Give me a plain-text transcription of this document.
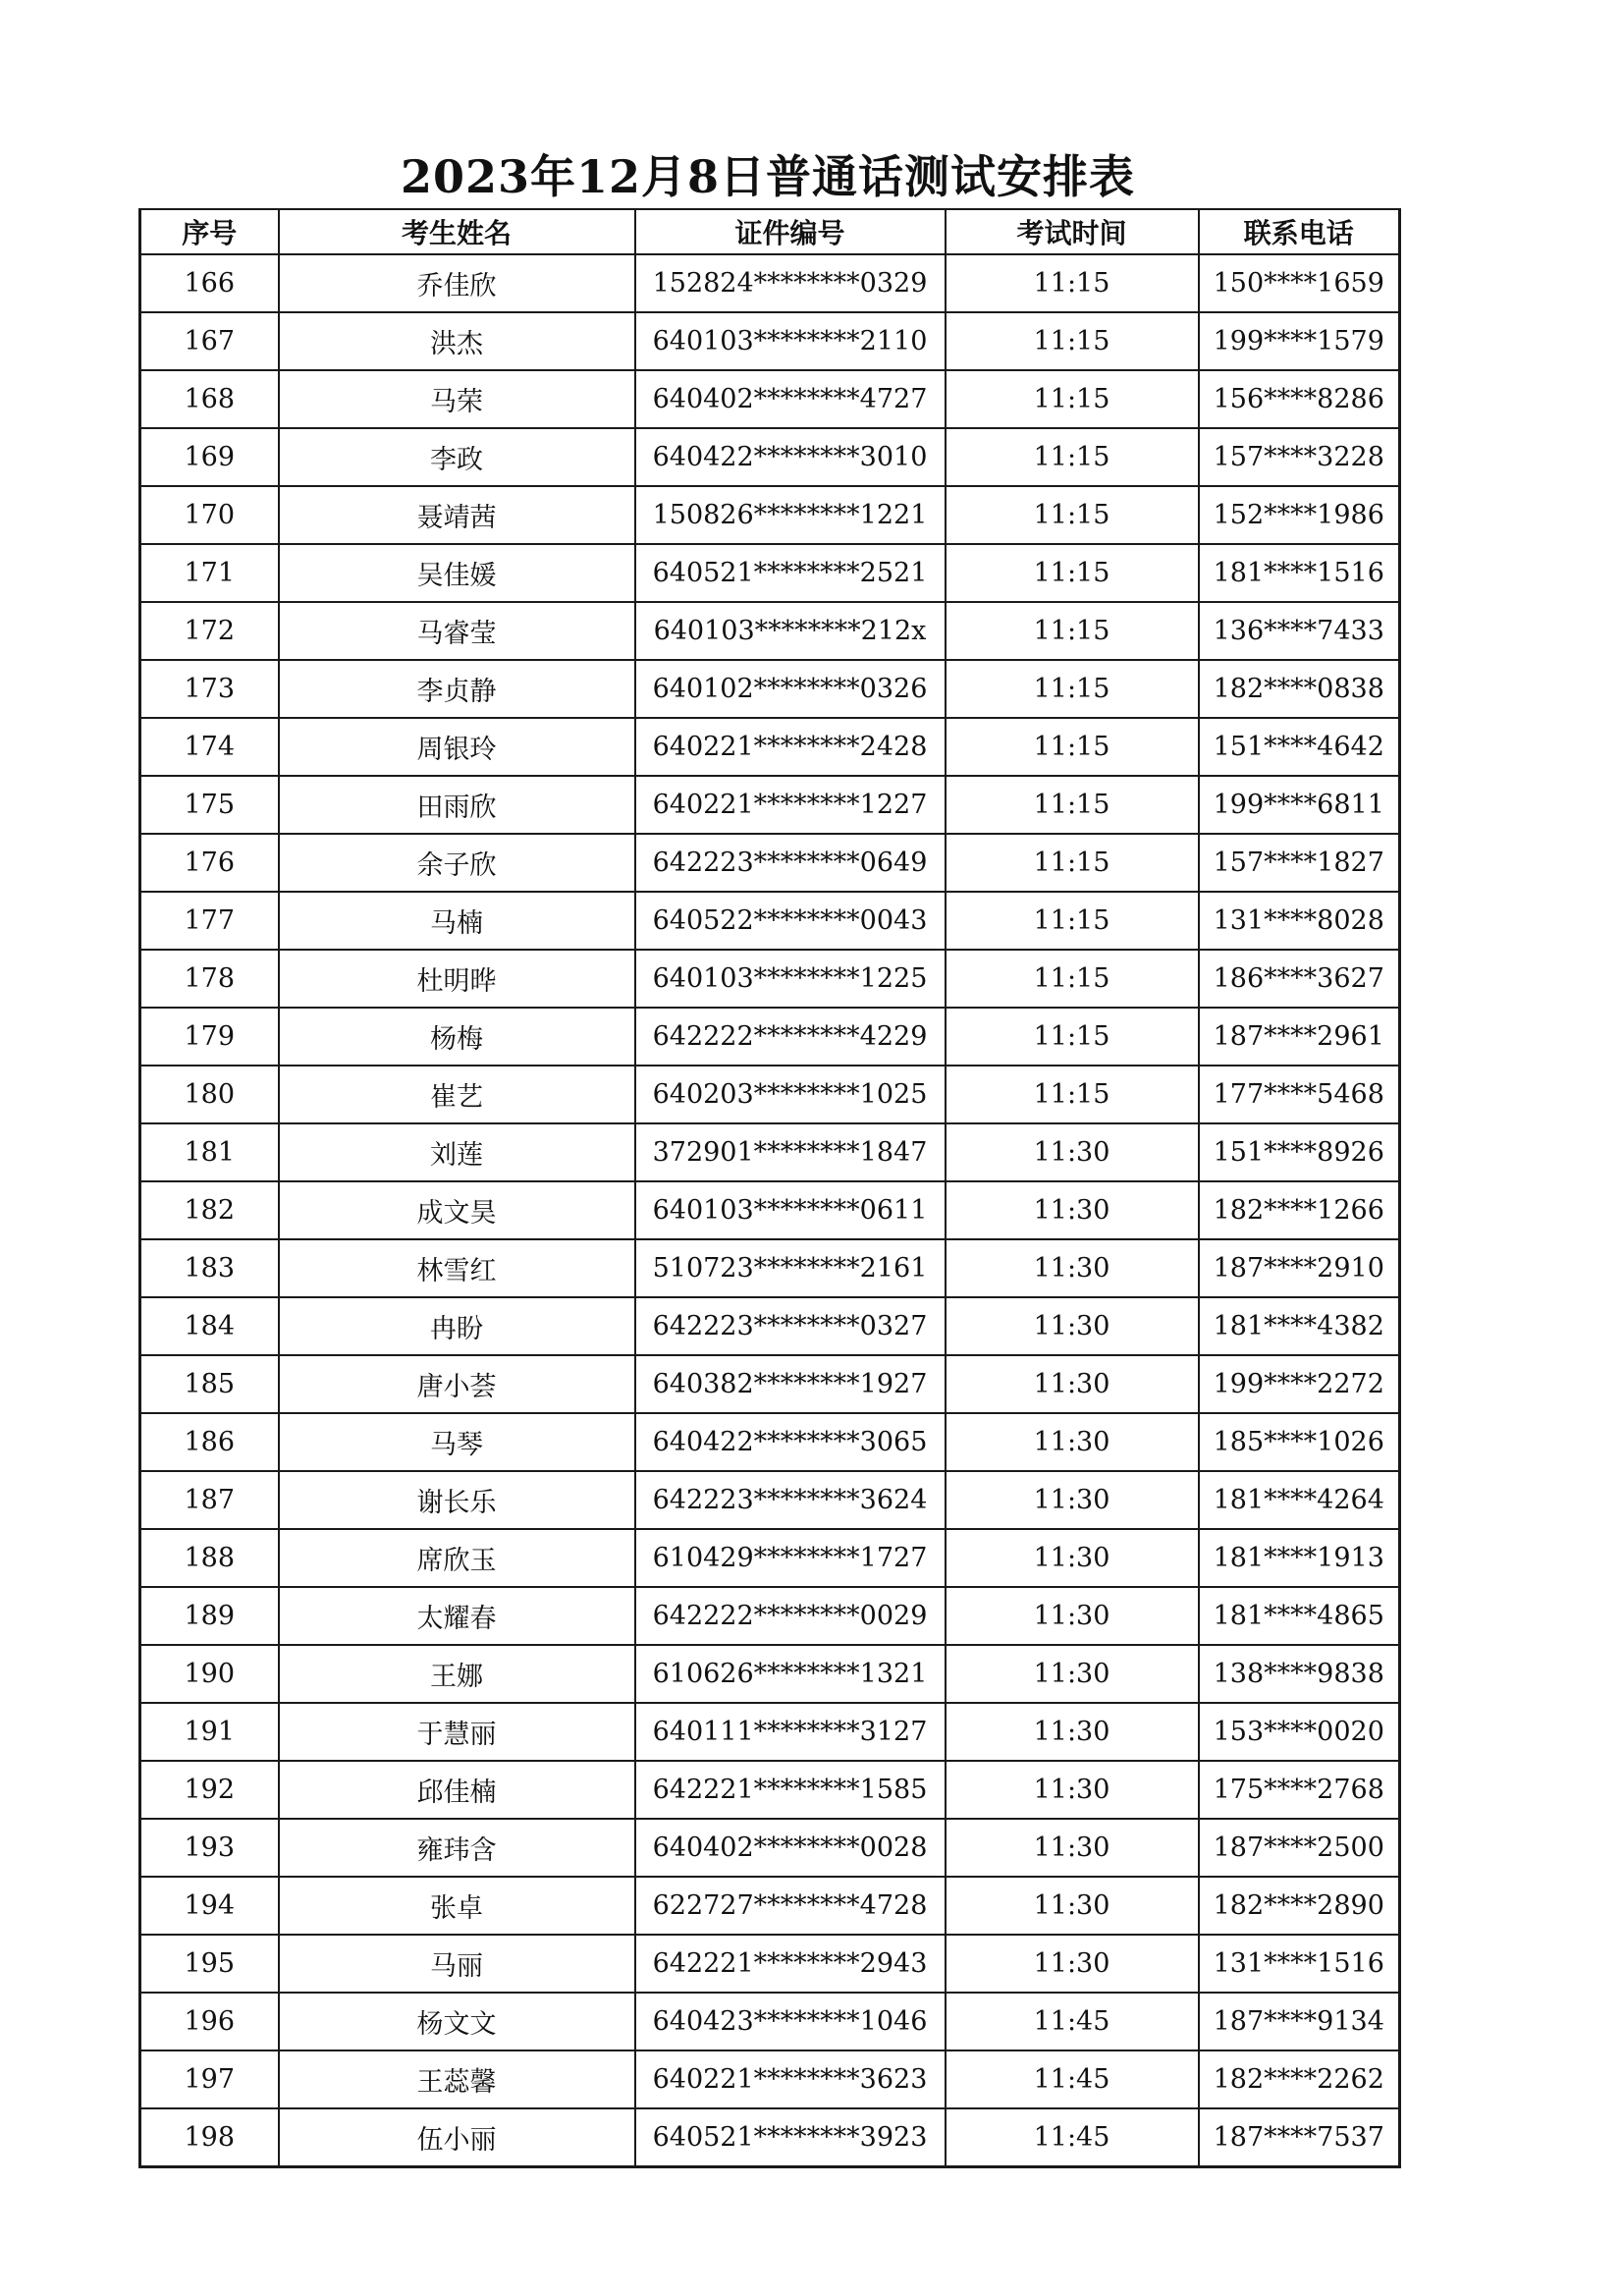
2023年12月8日普通话测试安排表
序号	考生姓名	证件编号	考试时间	联系电话
166	乔佳欣	152824********0329	11:15	150****1659
167	洪杰	640103********2110	11:15	199****1579
168	马荣	640402********4727	11:15	156****8286
169	李政	640422********3010	11:15	157****3228
170	聂靖茜	150826********1221	11:15	152****1986
171	吴佳媛	640521********2521	11:15	181****1516
172	马睿莹	640103********212x	11:15	136****7433
173	李贞静	640102********0326	11:15	182****0838
174	周银玲	640221********2428	11:15	151****4642
175	田雨欣	640221********1227	11:15	199****6811
176	余子欣	642223********0649	11:15	157****1827
177	马楠	640522********0043	11:15	131****8028
178	杜明晔	640103********1225	11:15	186****3627
179	杨梅	642222********4229	11:15	187****2961
180	崔艺	640203********1025	11:15	177****5468
181	刘莲	372901********1847	11:30	151****8926
182	成文昊	640103********0611	11:30	182****1266
183	林雪红	510723********2161	11:30	187****2910
184	冉盼	642223********0327	11:30	181****4382
185	唐小荟	640382********1927	11:30	199****2272
186	马琴	640422********3065	11:30	185****1026
187	谢长乐	642223********3624	11:30	181****4264
188	席欣玉	610429********1727	11:30	181****1913
189	太耀春	642222********0029	11:30	181****4865
190	王娜	610626********1321	11:30	138****9838
191	于慧丽	640111********3127	11:30	153****0020
192	邱佳楠	642221********1585	11:30	175****2768
193	雍玮含	640402********0028	11:30	187****2500
194	张卓	622727********4728	11:30	182****2890
195	马丽	642221********2943	11:30	131****1516
196	杨文文	640423********1046	11:45	187****9134
197	王蕊馨	640221********3623	11:45	182****2262
198	伍小丽	640521********3923	11:45	187****7537
